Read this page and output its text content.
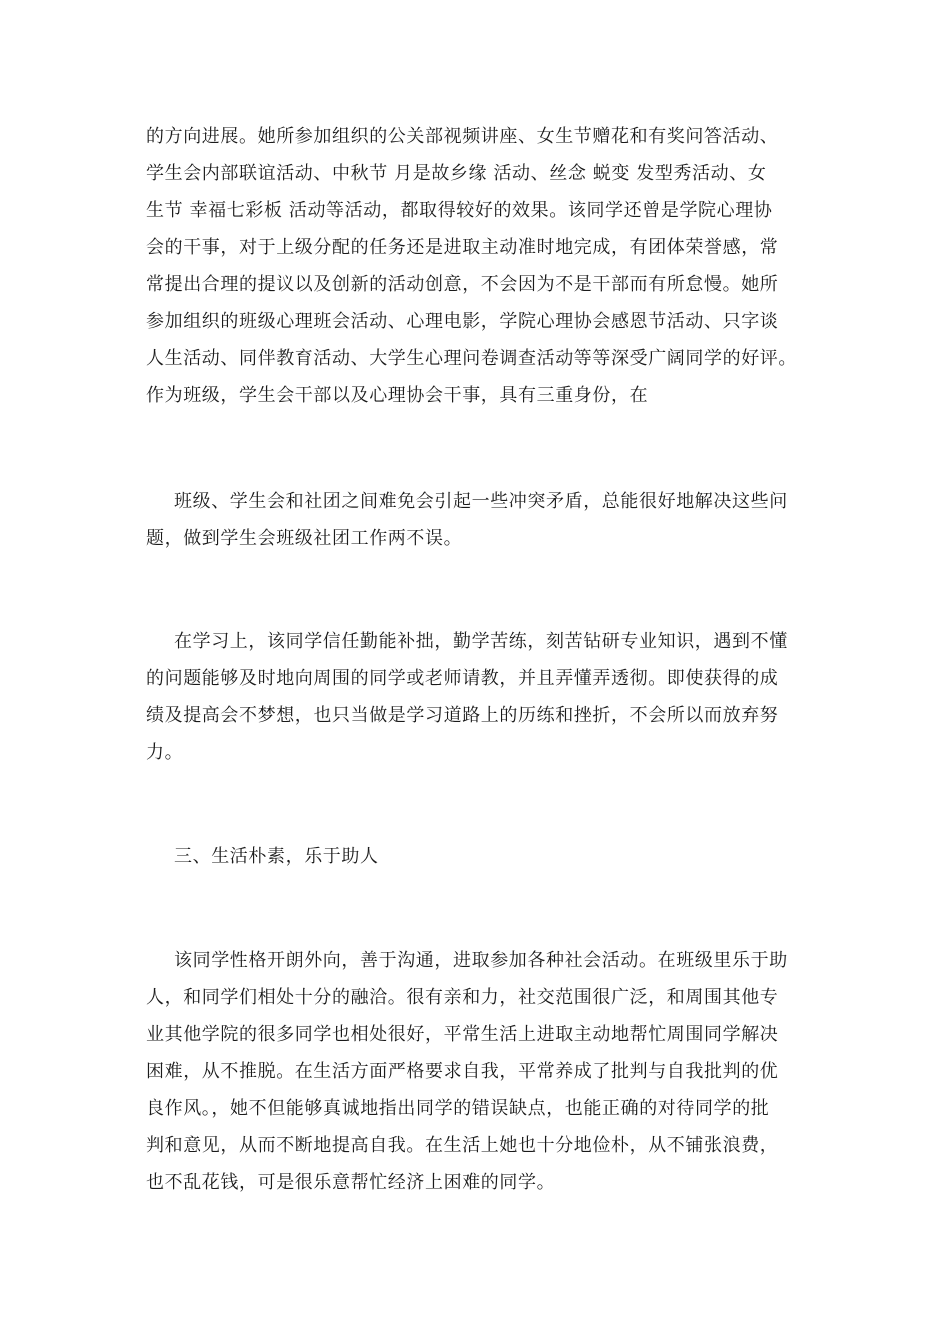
的方向进展。她所参加组织的公关部视频讲座、女生节赠花和有奖问答活动、
学生会内部联谊活动、中秋节 月是故乡缘 活动、丝念 蜕变 发型秀活动、女
生节 幸福七彩板 活动等活动，都取得较好的效果。该同学还曾是学院心理协
会的干事，对于上级分配的任务还是进取主动准时地完成，有团体荣誉感，常
常提出合理的提议以及创新的活动创意，不会因为不是干部而有所怠慢。她所
参加组织的班级心理班会活动、心理电影，学院心理协会感恩节活动、只字谈
人生活动、同伴教育活动、大学生心理问卷调查活动等等深受广阔同学的好评。
作为班级，学生会干部以及心理协会干事，具有三重身份，在
班级、学生会和社团之间难免会引起一些冲突矛盾，总能很好地解决这些问
题，做到学生会班级社团工作两不误。
在学习上，该同学信任勤能补拙，勤学苦练，刻苦钻研专业知识，遇到不懂
的问题能够及时地向周围的同学或老师请教，并且弄懂弄透彻。即使获得的成
绩及提高会不梦想，也只当做是学习道路上的历练和挫折，不会所以而放弃努
力。
三、生活朴素，乐于助人
该同学性格开朗外向，善于沟通，进取参加各种社会活动。在班级里乐于助
人，和同学们相处十分的融洽。很有亲和力，社交范围很广泛，和周围其他专
业其他学院的很多同学也相处很好，平常生活上进取主动地帮忙周围同学解决
困难，从不推脱。在生活方面严格要求自我，平常养成了批判与自我批判的优
良作风。，她不但能够真诚地指出同学的错误缺点，也能正确的对待同学的批
判和意见，从而不断地提高自我。在生活上她也十分地俭朴，从不铺张浪费，
也不乱花钱，可是很乐意帮忙经济上困难的同学。
